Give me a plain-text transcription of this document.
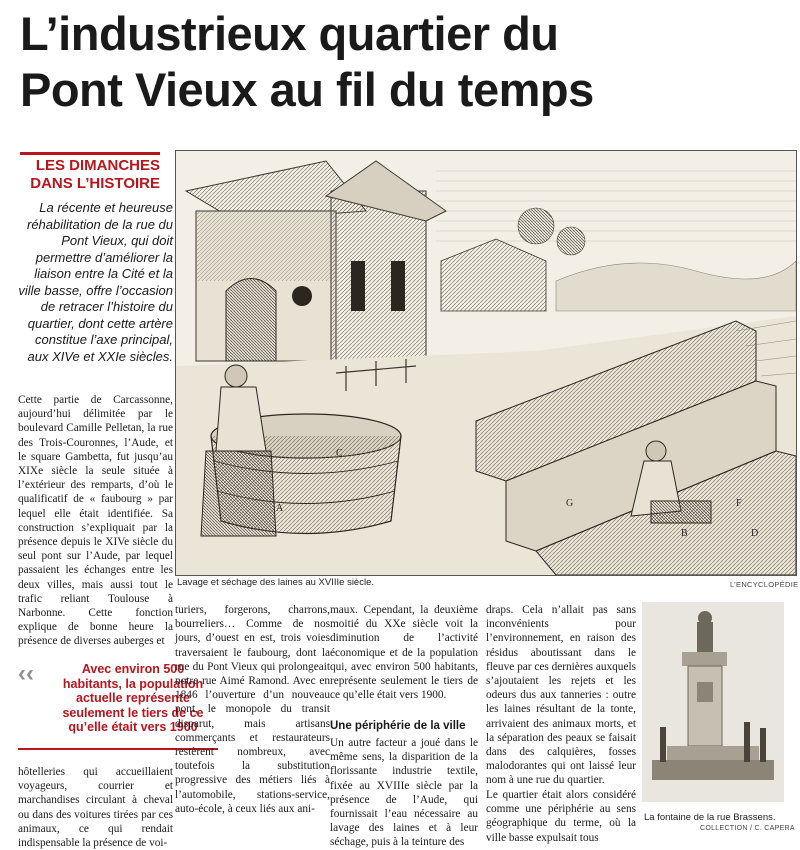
L’industrieux quartier du
Pont Vieux au fil du temps
LES DIMANCHES
DANS L’HISTOIRE
La récente et heureuse réhabilitation de la rue du Pont Vieux, qui doit permettre d’améliorer la liaison entre la Cité et la ville basse, offre l’occasion de retracer l’histoire du quartier, dont cette artère constitue l’axe principal, aux XIVe et XXIe siècles.
Cette partie de Carcassonne, aujourd’hui délimitée par le boulevard Camille Pelletan, la rue des Trois-Couronnes, l’Aude, et le square Gambetta, fut jusqu’au XIXe siècle la seule située à l’extérieur des remparts, d’où le qualificatif de « faubourg » par lequel elle était identifiée. Sa construction s’expliquait par la présence depuis le XIVe siècle du seul pont sur l’Aude, par lequel passaient les échanges entre les deux villes, mais aussi tout le trafic reliant Toulouse à Narbonne. Cette fonction explique de bonne heure la présence de diverses auberges et
C
A	G	F
D
B
Lavage et séchage des laines au XVIIIe siècle.	L’ENCYCLOPÉDIE
‹‹	Avec environ 500 habitants, la population actuelle représente seulement le tiers de ce qu’elle était vers 1900
hôtelleries qui accueillaient voyageurs, courrier et marchandises circulant à cheval ou dans des voitures tirées par ces animaux, ce qui rendait indispensable la présence de voi-
turiers, forgerons, charrons, bourreliers… Comme de nos jours, d’ouest en est, trois voies traversaient le faubourg, dont la rue du Pont Vieux qui prolongeait notre rue Aimé Ramond. Avec en 1846 l’ouverture d’un nouveau pont, le monopole du transit disparut, mais artisans commerçants et restaurateurs restèrent nombreux, avec toutefois la substitution progressive des métiers liés à l’automobile, stations-service, auto-école, à ceux liés aux ani-
maux. Cependant, la deuxième moitié du XXe siècle voit la diminution de l’activité économique et de la population qui, avec environ 500 habitants, représente seulement le tiers de ce qu’elle était vers 1900.
Une périphérie de la ville
Un autre facteur a joué dans le même sens, la disparition de la florissante industrie textile, fixée au XVIIIe siècle par la présence de l’Aude, qui fournissait l’eau nécessaire au lavage des laines et à leur séchage, puis à la teinture des
draps. Cela n’allait pas sans inconvénients pour l’environnement, en raison des résidus aboutissant dans le fleuve par ces dernières auxquels s’ajoutaient les rejets et les odeurs dus aux tanneries : outre les laines résultant de la tonte, arrivaient des animaux morts, et la séparation des peaux se faisait dans des calquières, fosses malodorantes qui ont laissé leur nom à une rue du quartier.
Le quartier était alors considéré comme une périphérie au sens géographique du terme, où la ville basse expulsait tous
La fontaine de la rue Brassens.
COLLECTION / C. CAPERA
